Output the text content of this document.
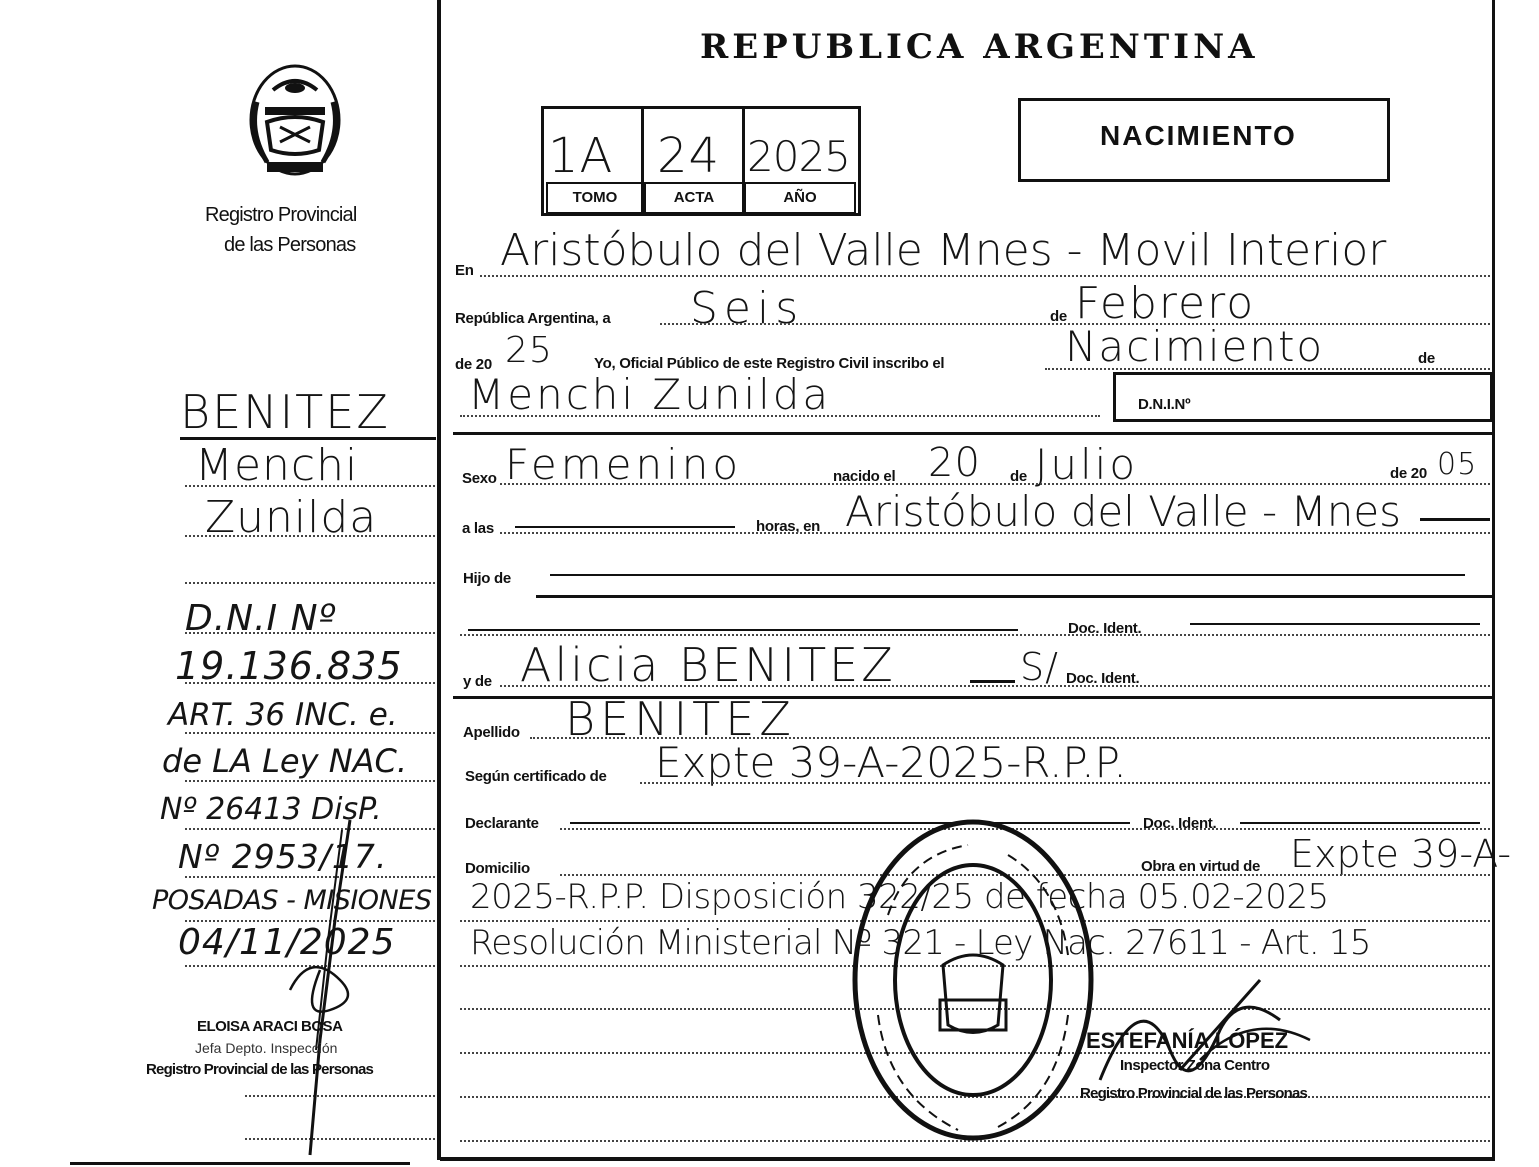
Registro Provincial
de las Personas
BENITEZ
Menchi
Zunilda
D.N.I Nº
19.136.835
ART. 36 INC. e.
de LA Ley NAC.
Nº 26413 DisP.
Nº 2953/17.
POSADAS - MISIONES
04/11/2025
ELOISA ARACI BOSA
Jefa Depto. Inspección
Registro Provincial de las Personas
REPUBLICA ARGENTINA
1A 24 2025
TOMO	ACTA	AÑO
NACIMIENTO
En Aristóbulo del Valle Mnes - Movil Interior
República Argentina, a Seis	de Febrero
de 20 25	Yo, Oficial Público de este Registro Civil inscribo el	Nacimiento	de
Menchi Zunilda	D.N.I.Nº
Sexo Femenino	nacido el 20 de Julio	de 20 05
a las	horas, en Aristóbulo del Valle - Mnes
Hijo de
Doc. Ident.
y de Alicia BENITEZ	S/ Doc. Ident.
Apellido BENITEZ
Según certificado de Expte 39-A-2025-R.P.P.
Declarante	Doc. Ident.
Domicilio	Obra en virtud de Expte 39-A-
2025-R.P.P. Disposición 322/25 de fecha 05.02-2025
Resolución Ministerial Nº 321 - Ley Nac. 27611 - Art. 15
ESTEFANÍA LÓPEZ
Inspector Zona Centro
Registro Provincial de las Personas
